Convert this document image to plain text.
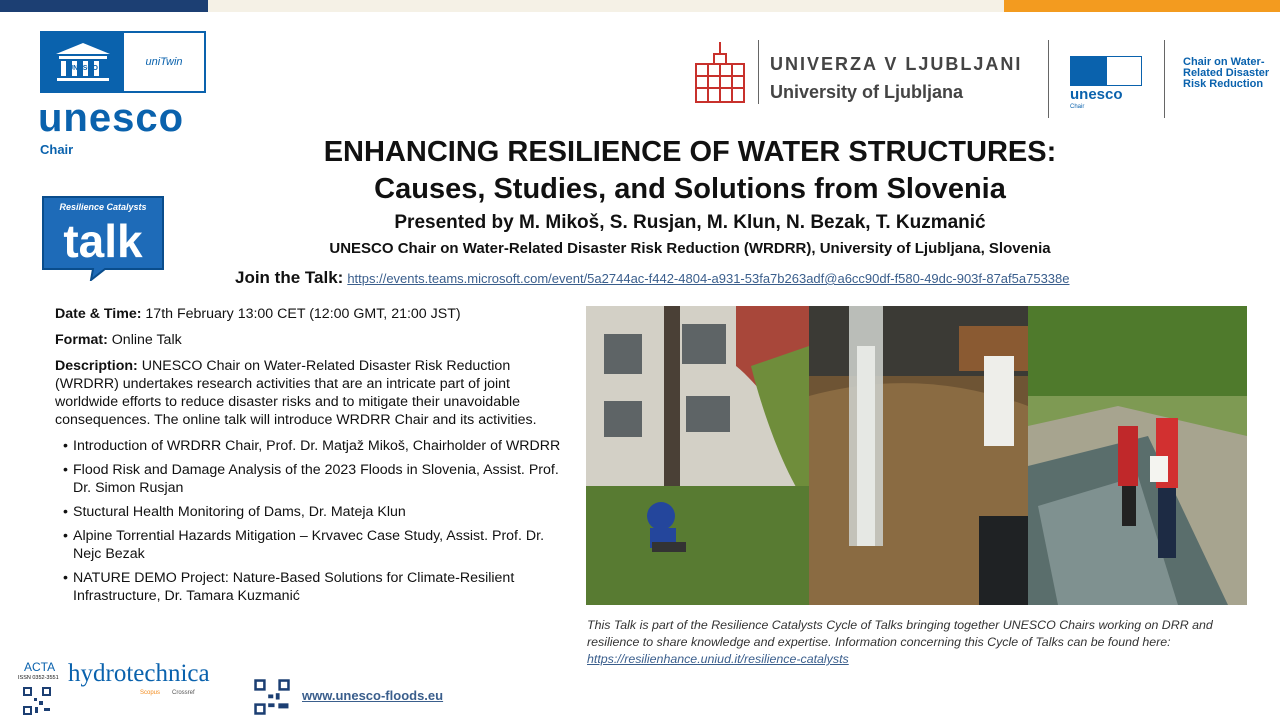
UNESCO
uniTwin
unesco
Chair
Resilience Catalysts
talk
UNIVERZA V LJUBLJANI
University of Ljubljana	unesco
Chair
Chair on Water-Related Disaster Risk Reduction
ENHANCING RESILIENCE OF WATER STRUCTURES:
Causes, Studies, and Solutions from Slovenia
Presented by M. Mikoš, S. Rusjan, M. Klun, N. Bezak, T. Kuzmanić
UNESCO Chair on Water-Related Disaster Risk Reduction (WRDRR), University of Ljubljana, Slovenia
Join the Talk: https://events.teams.microsoft.com/event/5a2744ac-f442-4804-a931-53fa7b263adf@a6cc90df-f580-49dc-903f-87af5a75338e

Date & Time: 17th February 13:00 CET (12:00 GMT, 21:00 JST)

Format: Online Talk

Description: UNESCO Chair on Water-Related Disaster Risk Reduction (WRDRR) undertakes research activities that are an intricate part of joint worldwide efforts to reduce disaster risks and to mitigate their unavoidable consequences. The online talk will introduce WRDRR Chair and its activities.

• Introduction of WRDRR Chair, Prof. Dr. Matjaž Mikoš, Chairholder of WRDRR
• Flood Risk and Damage Analysis of the 2023 Floods in Slovenia, Assist. Prof. Dr. Simon Rusjan
• Stuctural Health Monitoring of Dams, Dr. Mateja Klun
• Alpine Torrential Hazards Mitigation – Krvavec Case Study, Assist. Prof. Dr. Nejc Bezak
• NATURE DEMO Project: Nature-Based Solutions for Climate-Resilient Infrastructure, Dr. Tamara Kuzmanić
This Talk is part of the Resilience Catalysts Cycle of Talks bringing together UNESCO Chairs working on DRR and resilience to share knowledge and expertise. Information concerning this Cycle of Talks can be found here: https://resilienhance.uniud.it/resilience-catalysts
ACTA hydrotechnica
ISSN 0352-3551
Scopus Crossref	www.unesco-floods.eu
